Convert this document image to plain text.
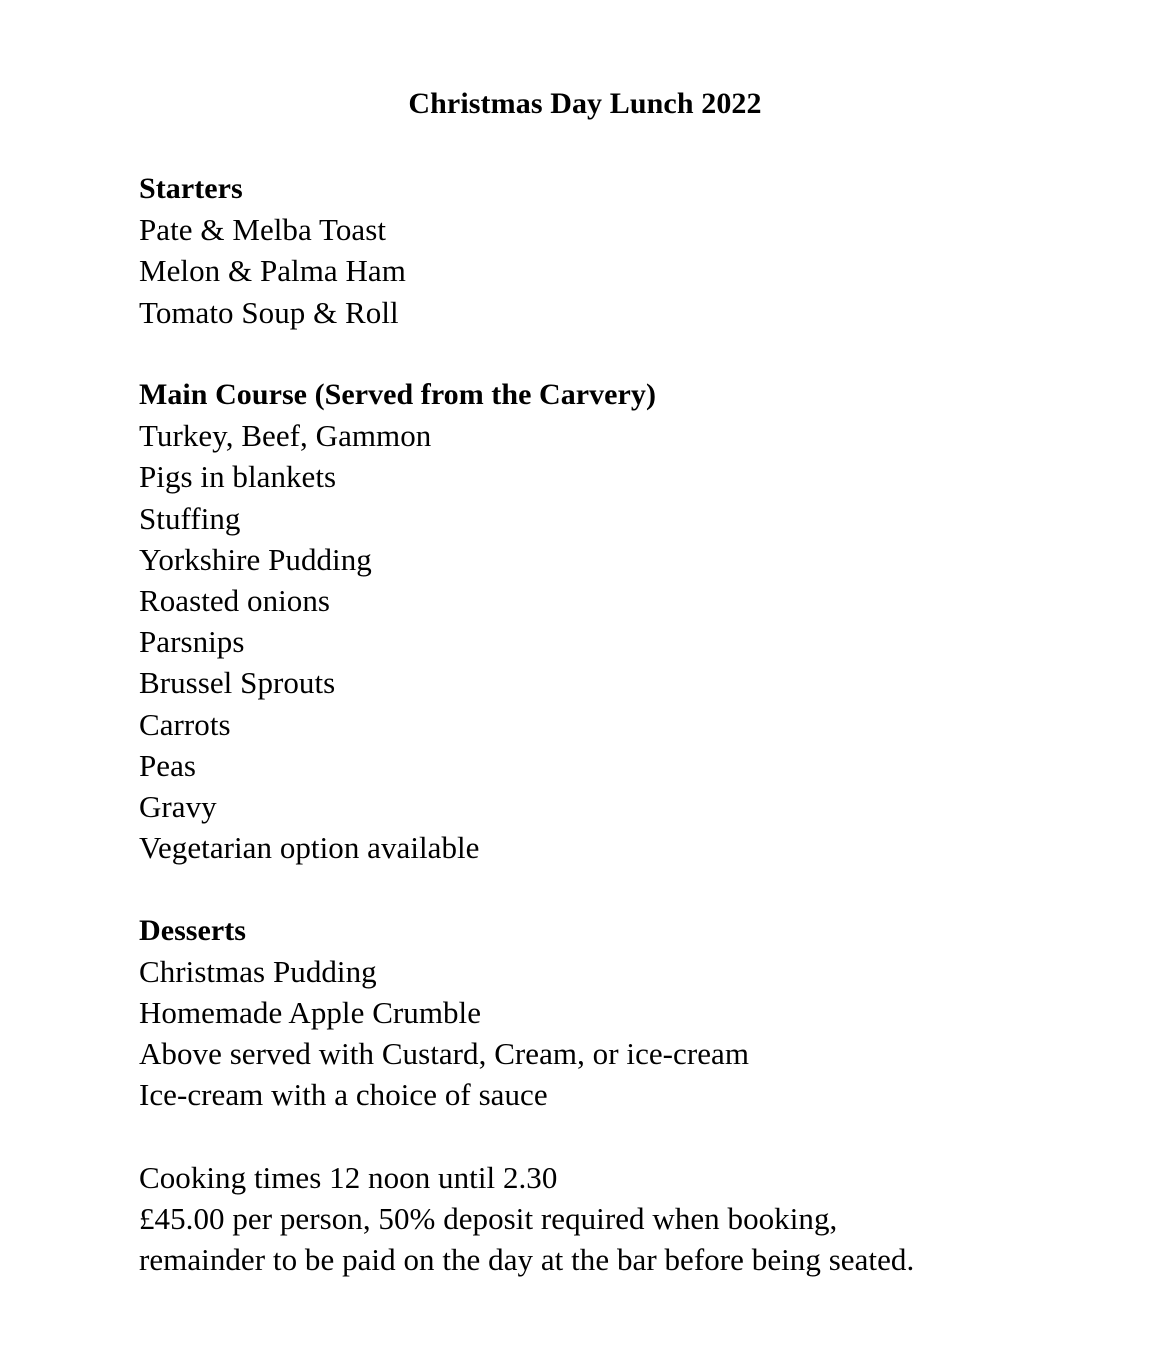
Christmas Day Lunch 2022
Starters
Pate & Melba Toast
Melon & Palma Ham
Tomato Soup & Roll

Main Course (Served from the Carvery)
Turkey, Beef, Gammon
Pigs in blankets
Stuffing
Yorkshire Pudding
Roasted onions
Parsnips
Brussel Sprouts
Carrots
Peas
Gravy
Vegetarian option available

Desserts
Christmas Pudding
Homemade Apple Crumble
Above served with Custard, Cream, or ice-cream
Ice-cream with a choice of sauce

Cooking times 12 noon until 2.30
£45.00 per person, 50% deposit required when booking,
remainder to be paid on the day at the bar before being seated.
